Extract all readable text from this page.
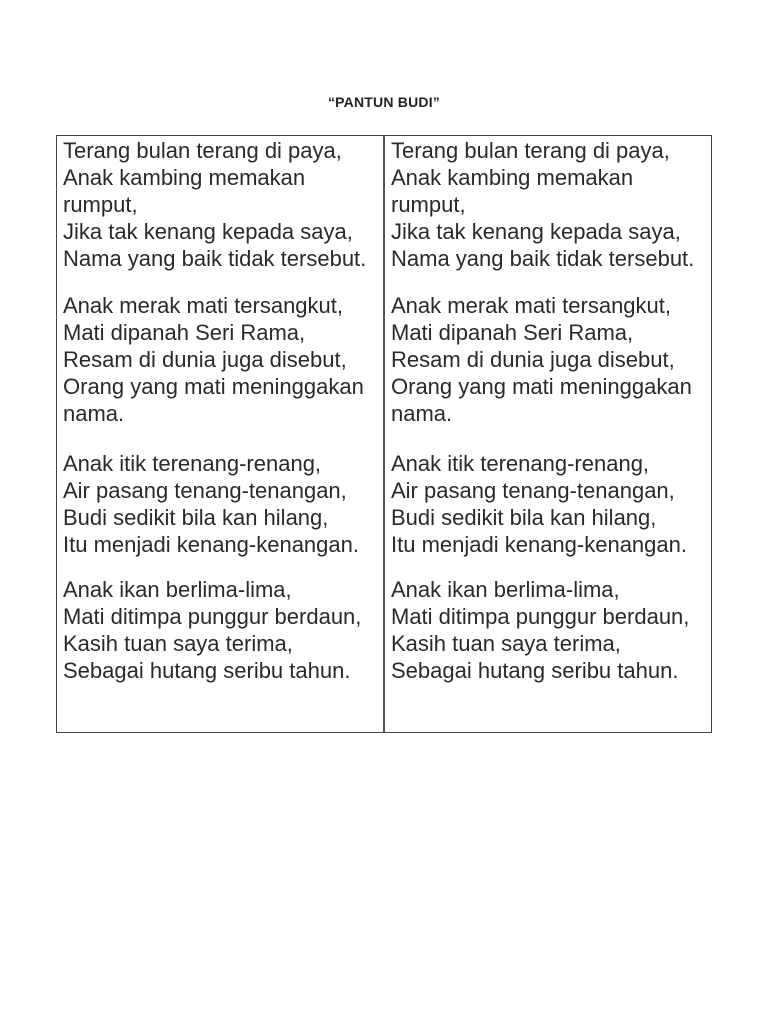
“PANTUN BUDI”
Terang bulan terang di paya,
Anak kambing memakan
rumput,
Jika tak kenang kepada saya,
Nama yang baik tidak tersebut.
Anak merak mati tersangkut,
Mati dipanah Seri Rama,
Resam di dunia juga disebut,
Orang yang mati meninggakan
nama.
Anak itik terenang-renang,
Air pasang tenang-tenangan,
Budi sedikit bila kan hilang,
Itu menjadi kenang-kenangan.
Anak ikan berlima-lima,
Mati ditimpa punggur berdaun,
Kasih tuan saya terima,
Sebagai hutang seribu tahun.
Terang bulan terang di paya,
Anak kambing memakan
rumput,
Jika tak kenang kepada saya,
Nama yang baik tidak tersebut.
Anak merak mati tersangkut,
Mati dipanah Seri Rama,
Resam di dunia juga disebut,
Orang yang mati meninggakan
nama.
Anak itik terenang-renang,
Air pasang tenang-tenangan,
Budi sedikit bila kan hilang,
Itu menjadi kenang-kenangan.
Anak ikan berlima-lima,
Mati ditimpa punggur berdaun,
Kasih tuan saya terima,
Sebagai hutang seribu tahun.
